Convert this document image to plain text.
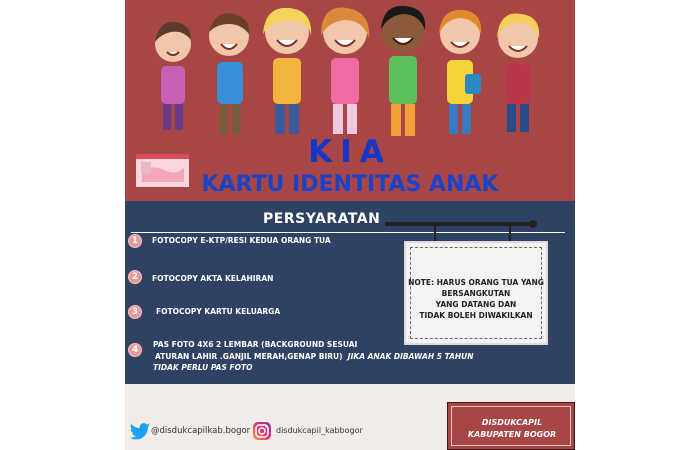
KIA
KARTU IDENTITAS ANAK
PERSYARATAN
1	FOTOCOPY E-KTP/RESI KEDUA ORANG TUA
2	FOTOCOPY AKTA KELAHIRAN
3	FOTOCOPY KARTU KELUARGA
4
PAS FOTO 4X6 2 LEMBAR (BACKGROUND SESUAI
ATURAN LAHIR .GANJIL MERAH,GENAP BIRU) JIKA ANAK DIBAWAH 5 TAHUN
TIDAK PERLU PAS FOTO
NOTE: HARUS ORANG TUA YANG
BERSANGKUTAN
YANG DATANG DAN
TIDAK BOLEH DIWAKILKAN
@disdukcapilkab.bogor	disdukcapil_kabbogor
DISDUKCAPIL
KABUPATEN BOGOR
